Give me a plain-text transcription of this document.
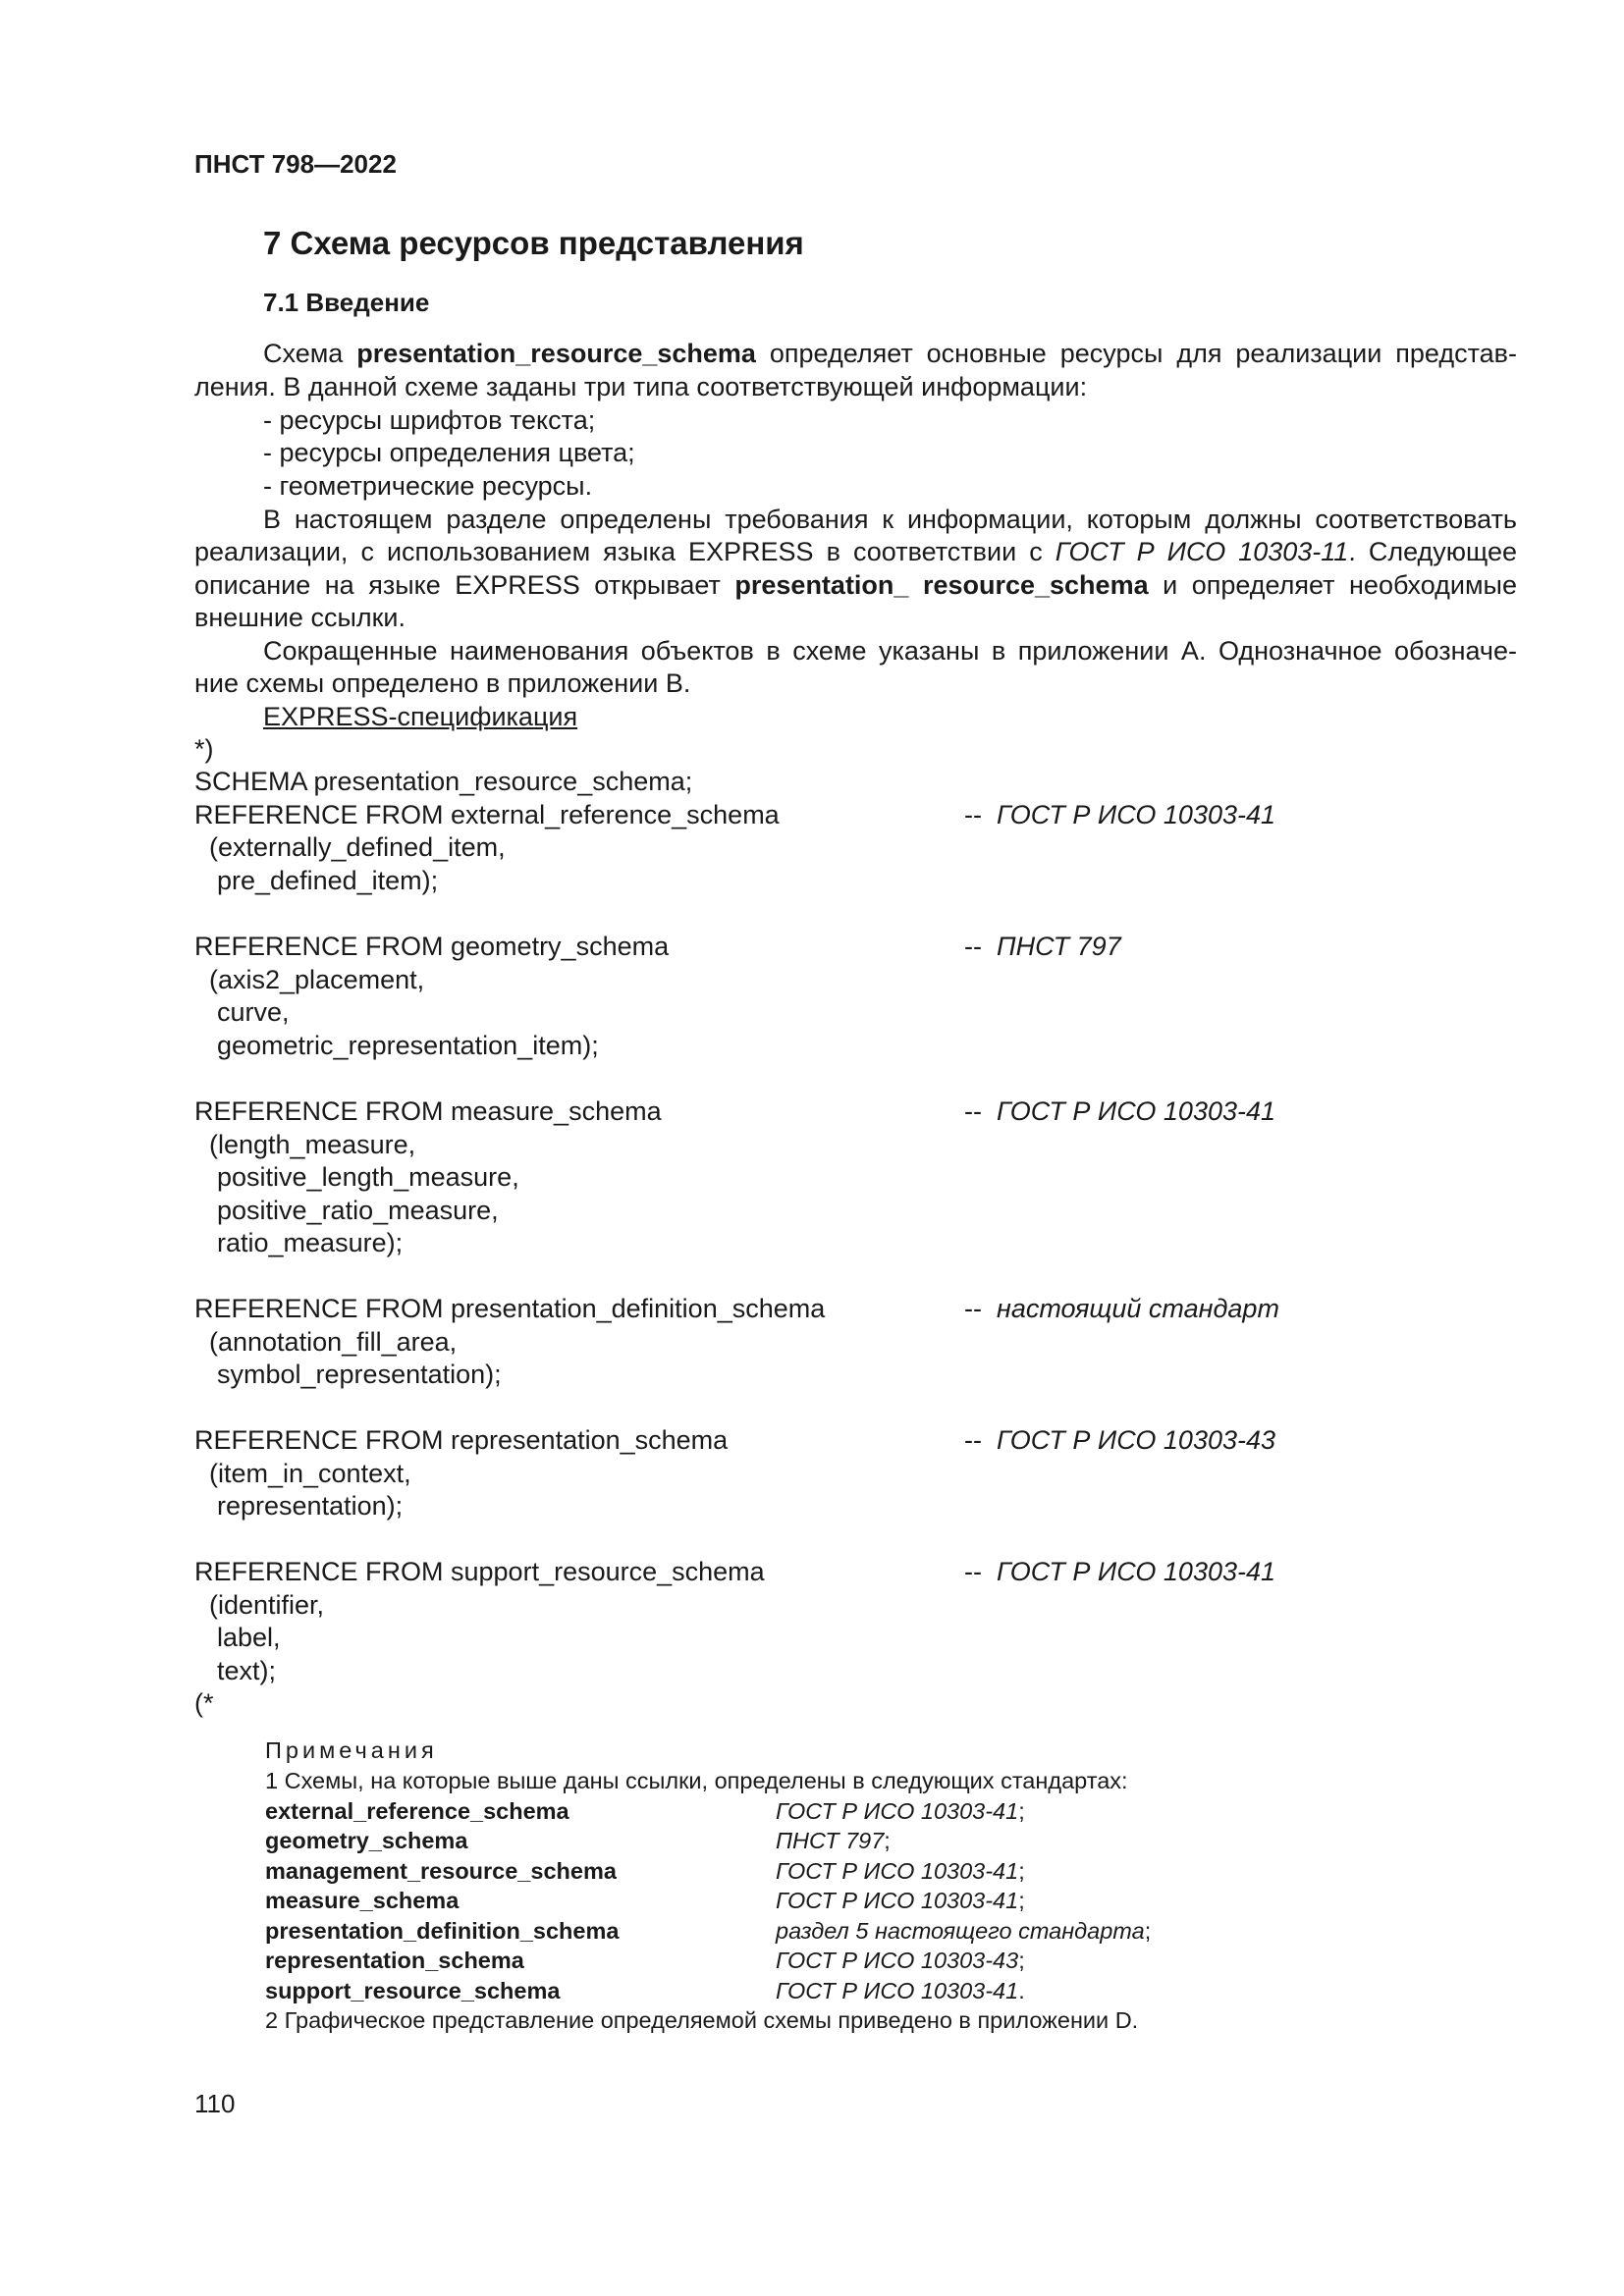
ПНСТ 798—2022
7 Схема ресурсов представления
7.1 Введение
Схема presentation_resource_schema определяет основные ресурсы для реализации представ-
ления. В данной схеме заданы три типа соответствующей информации:
- ресурсы шрифтов текста;
- ресурсы определения цвета;
- геометрические ресурсы.
В настоящем разделе определены требования к информации, которым должны соответствовать
реализации, с использованием языка EXPRESS в соответствии с ГОСТ Р ИСО 10303-11. Следующее
описание на языке EXPRESS открывает presentation_ resource_schema и определяет необходимые
внешние ссылки.
Сокращенные наименования объектов в схеме указаны в приложении А. Однозначное обозначе-
ние схемы определено в приложении В.
EXPRESS-спецификация
*)
SCHEMA presentation_resource_schema;
REFERENCE FROM external_reference_schema	-- ГОСТ Р ИСО 10303-41
(externally_defined_item,
pre_defined_item);
REFERENCE FROM geometry_schema	-- ПНСТ 797
(axis2_placement,
curve,
geometric_representation_item);
REFERENCE FROM measure_schema	-- ГОСТ Р ИСО 10303-41
(length_measure,
positive_length_measure,
positive_ratio_measure,
ratio_measure);
REFERENCE FROM presentation_definition_schema	-- настоящий стандарт
(annotation_fill_area,
symbol_representation);
REFERENCE FROM representation_schema	-- ГОСТ Р ИСО 10303-43
(item_in_context,
representation);
REFERENCE FROM support_resource_schema	-- ГОСТ Р ИСО 10303-41
(identifier,
label,
text);
(*
Примечания
1 Схемы, на которые выше даны ссылки, определены в следующих стандартах:
external_reference_schema	ГОСТ Р ИСО 10303-41;
geometry_schema	ПНСТ 797;
management_resource_schema	ГОСТ Р ИСО 10303-41;
measure_schema	ГОСТ Р ИСО 10303-41;
presentation_definition_schema	раздел 5 настоящего стандарта;
representation_schema	ГОСТ Р ИСО 10303-43;
support_resource_schema	ГОСТ Р ИСО 10303-41.
2 Графическое представление определяемой схемы приведено в приложении D.
110
